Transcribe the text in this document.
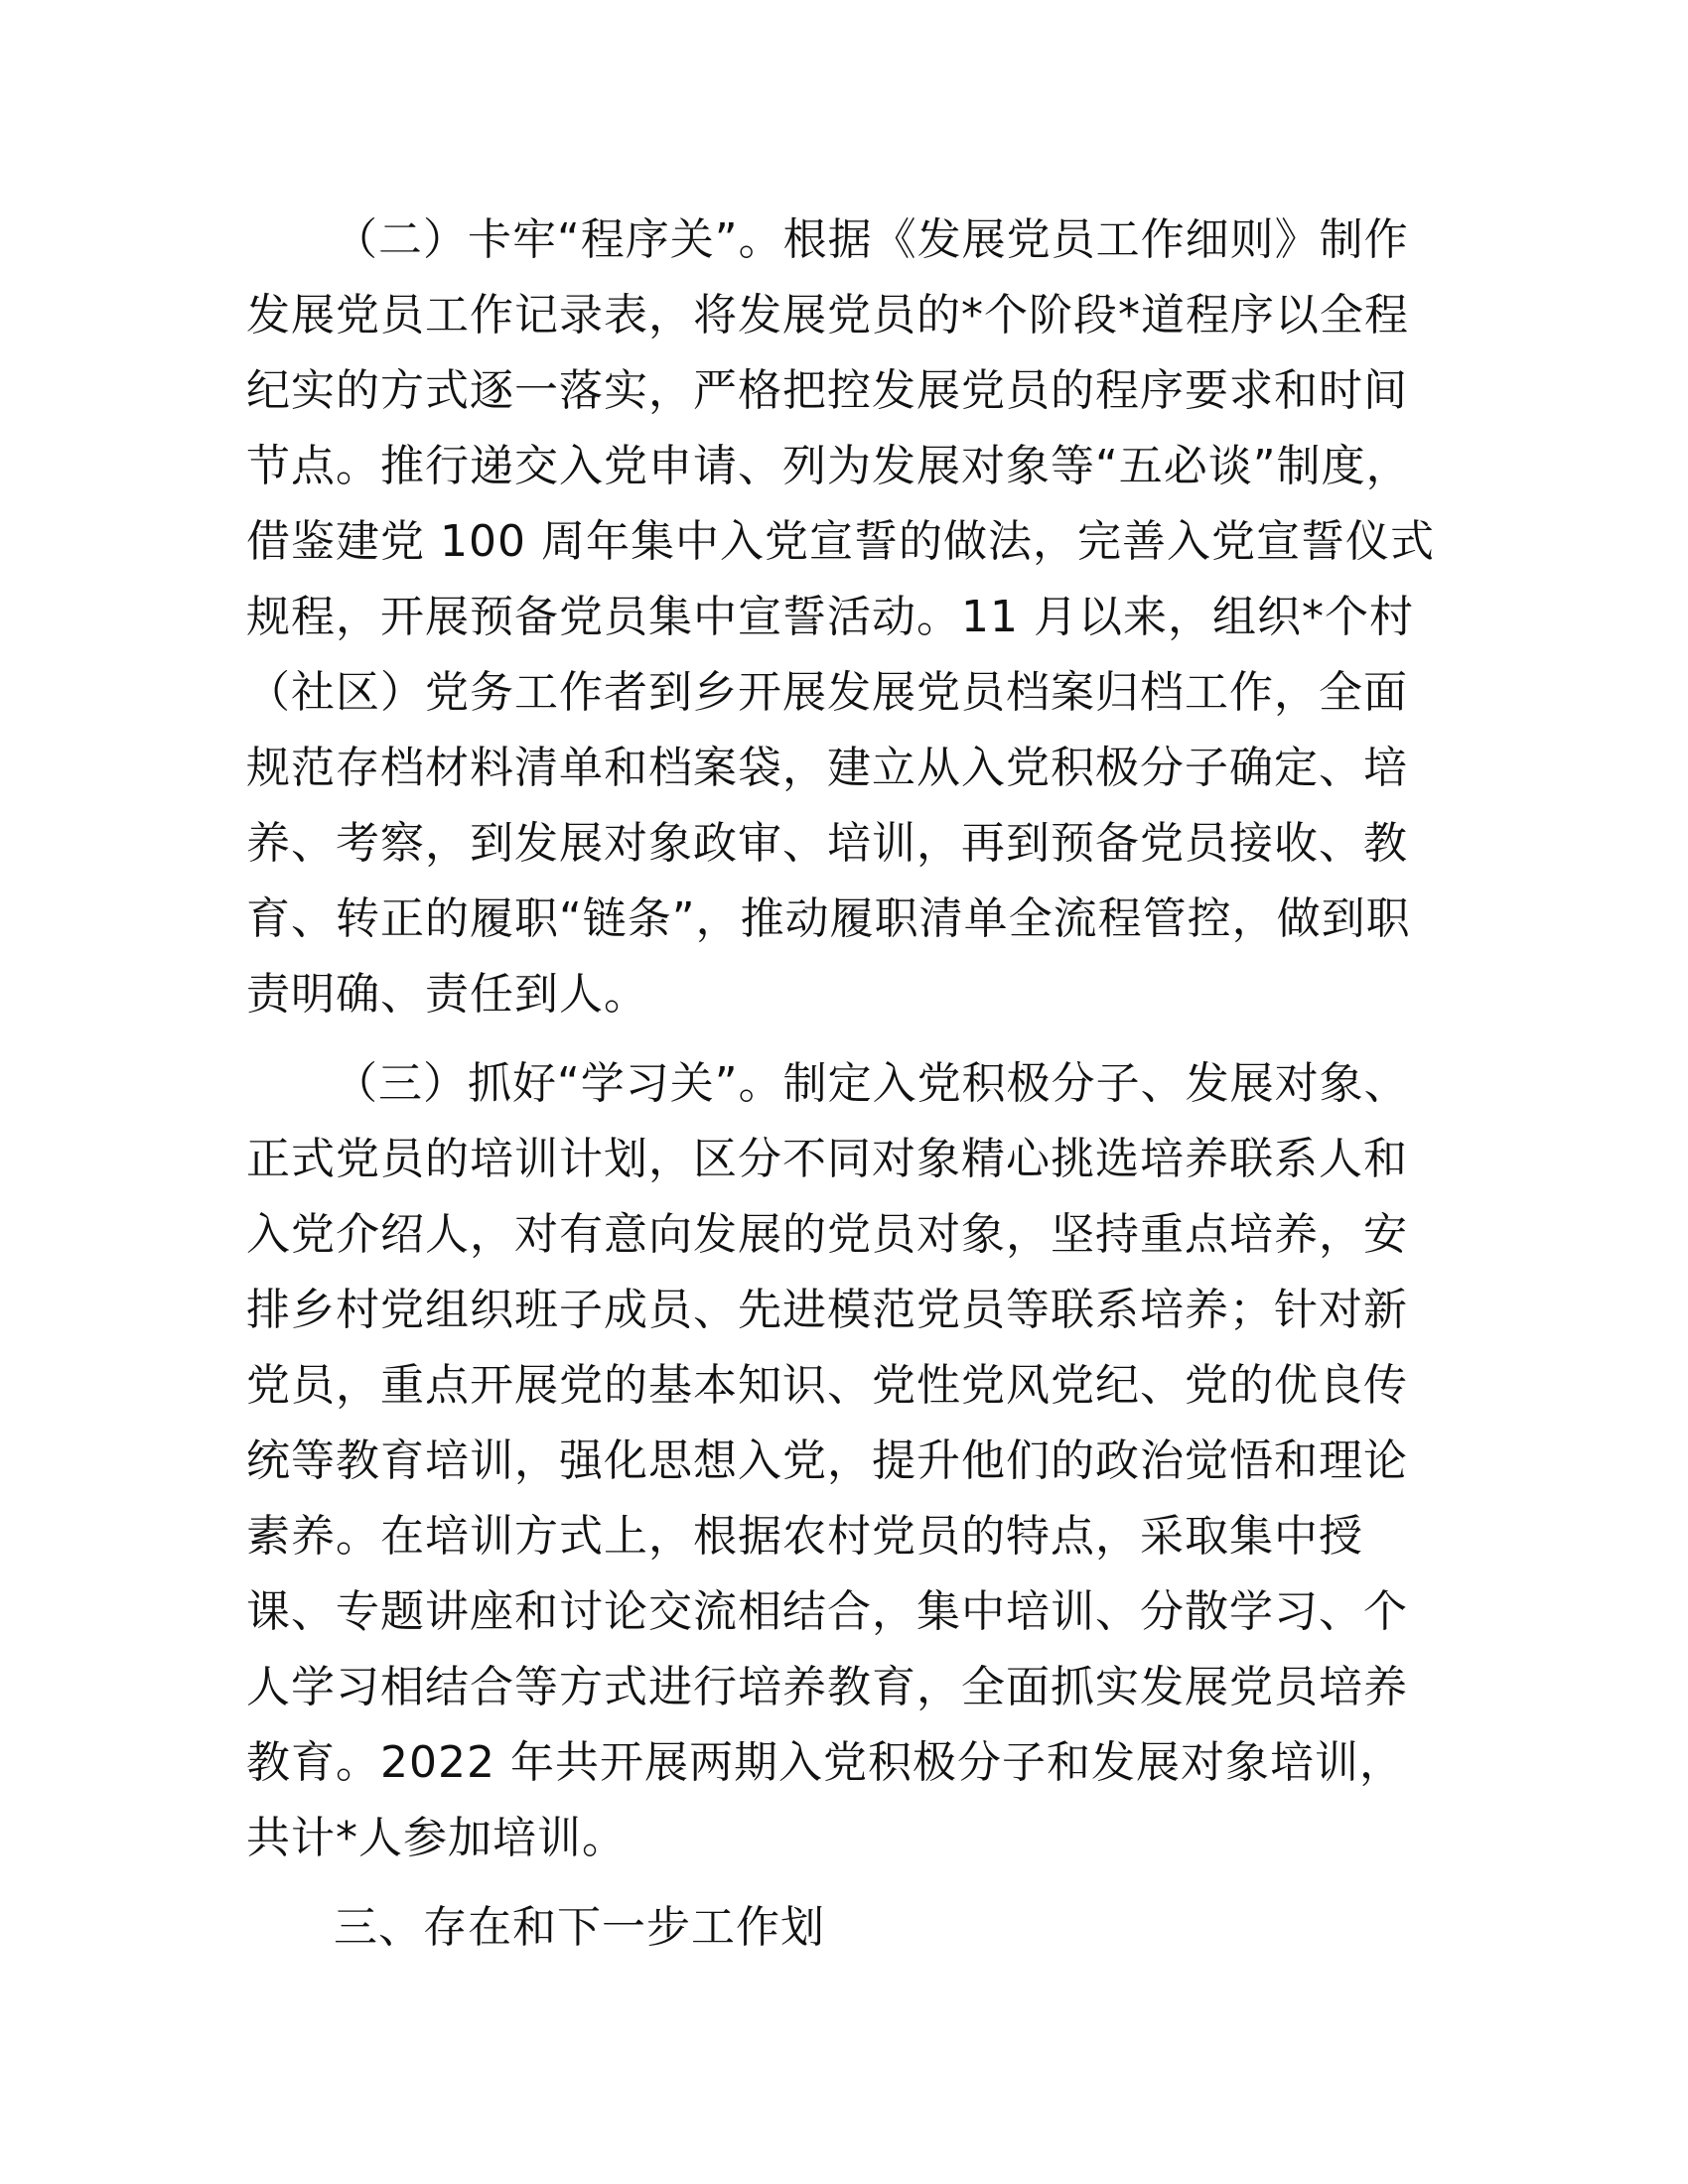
（二）卡牢“程序关”。根据《发展党员工作细则》制作发展党员工作记录表，将发展党员的*个阶段*道程序以全程纪实的方式逐一落实，严格把控发展党员的程序要求和时间节点。推行递交入党申请、列为发展对象等“五必谈”制度，借鉴建党 100 周年集中入党宣誓的做法，完善入党宣誓仪式规程，开展预备党员集中宣誓活动。11 月以来，组织*个村（社区）党务工作者到乡开展发展党员档案归档工作，全面规范存档材料清单和档案袋，建立从入党积极分子确定、培养、考察，到发展对象政审、培训，再到预备党员接收、教育、转正的履职“链条”，推动履职清单全流程管控，做到职责明确、责任到人。

（三）抓好“学习关”。制定入党积极分子、发展对象、正式党员的培训计划，区分不同对象精心挑选培养联系人和入党介绍人，对有意向发展的党员对象，坚持重点培养，安排乡村党组织班子成员、先进模范党员等联系培养；针对新党员，重点开展党的基本知识、党性党风党纪、党的优良传统等教育培训，强化思想入党，提升他们的政治觉悟和理论素养。在培训方式上，根据农村党员的特点，采取集中授课、专题讲座和讨论交流相结合，集中培训、分散学习、个人学习相结合等方式进行培养教育，全面抓实发展党员培养教育。2022 年共开展两期入党积极分子和发展对象培训，共计*人参加培训。

三、存在和下一步工作划
